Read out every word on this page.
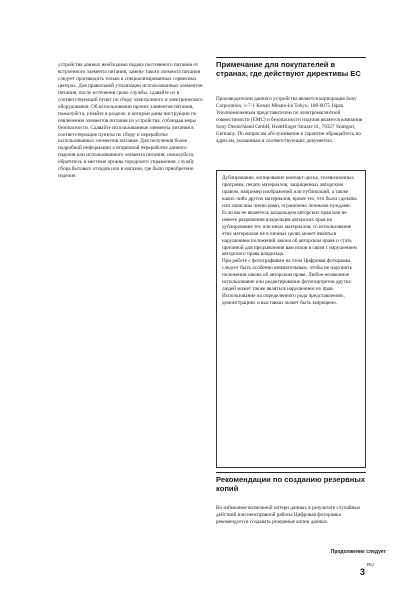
устройства данных необходима подача постоянного питания от встроенного элемента питания, замену такого элемента питания следует производить только в специализированных сервисных центрах. Для правильной утилизации использованных элементов питания, после истечения срока службы, сдавайте их в соответствующий пункт по сбору электронного и электрического оборудования. Об использовании прочих элементов питания, пожалуйста, узнайте в разделе, в котором даны инструкции по извлечению элементов питания из устройства, соблюдая меры безопасности. Сдавайте использованные элементы питания в соответствующие пункты по сбору и переработке использованных элементов питания. Для получения более подробной информации о вторичной переработке данного изделия или использованного элемента питания, пожалуйста, обратитесь в местные органы городского управления, службу сбора бытовых отходов или в магазин, где было приобретено изделие.

Примечание для покупателей в странах, где действуют директивы ЕС

Производителем данного устройства является корпорация Sony Corporation, 1-7-1 Konan Minato-ku Tokyo, 108-0075 Japan. Уполномоченным представителем по электромагнитной совместимости (EMC) и безопасности изделия является компания Sony Deutschland GmbH, Hedelfinger Strasse 61, 70327 Stuttgart, Germany. По вопросам обслуживания и гарантии обращайтесь по адресам, указанным в соответствующих документах.

Дублирование, копирование компакт-диска, телевизионных программ, печать материалов, защищенных авторским правом, например изображений или публикаций, а также каких-либо других материалов, кроме тех, что были сделаны или записаны лично вами, ограничено личными нуждами. Если вы не являетесь владельцем авторских прав или не имеете разрешения владельцев авторских прав на дублирование тех или иных материалов, то использование этих материалов не в личных целях может являться нарушением положений закона об авторском праве и стать причиной для предъявления вам исков в связи с нарушением авторского права владельца.

При работе с фотографиями на этом Цифровая фоторамка следует быть особенно внимательным, чтобы не нарушить положения закона об авторском праве. Любое незаконное использование или редактирование фотопортретов других людей может также являться нарушением их прав.

Использование на определенного рода представлениях, демонстрациях и выставках может быть запрещено.

Рекомендации по созданию резервных копий

Во избежание возможной потери данных в результате случайных действий или неисправной работы Цифровая фоторамка рекомендуется создавать резервные копии данных.

Продолжение следует
$3^{RU}$
